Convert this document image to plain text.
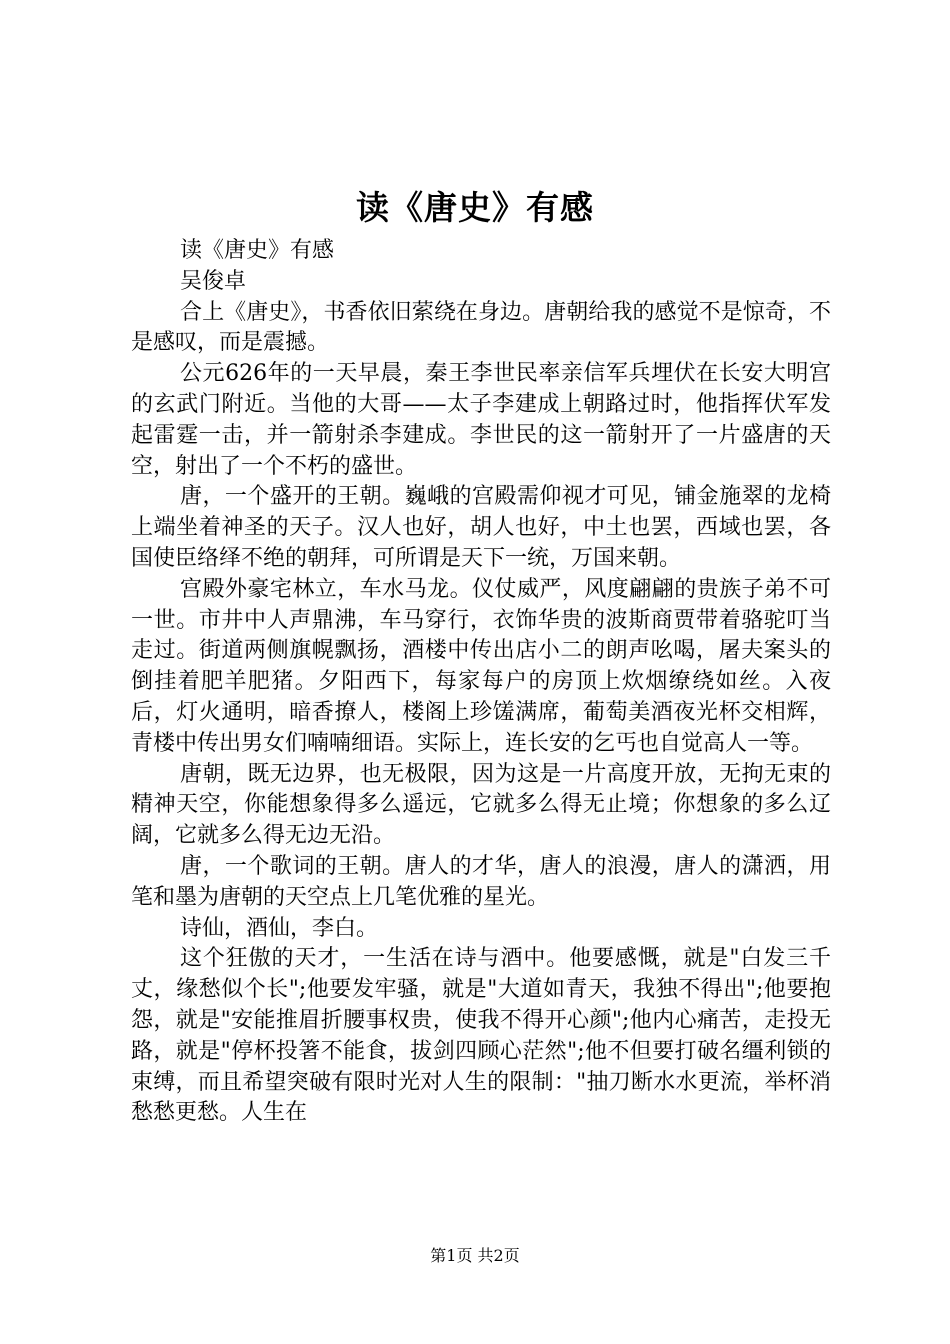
读《唐史》有感

读《唐史》有感

吴俊卓

合上《唐史》，书香依旧萦绕在身边。唐朝给我的感觉不是惊奇，不是感叹，而是震撼。

公元626年的一天早晨，秦王李世民率亲信军兵埋伏在长安大明宫的玄武门附近。当他的大哥——太子李建成上朝路过时，他指挥伏军发起雷霆一击，并一箭射杀李建成。李世民的这一箭射开了一片盛唐的天空，射出了一个不朽的盛世。

唐，一个盛开的王朝。巍峨的宫殿需仰视才可见，铺金施翠的龙椅上端坐着神圣的天子。汉人也好，胡人也好，中土也罢，西域也罢，各国使臣络绎不绝的朝拜，可所谓是天下一统，万国来朝。

宫殿外豪宅林立，车水马龙。仪仗威严，风度翩翩的贵族子弟不可一世。市井中人声鼎沸，车马穿行，衣饰华贵的波斯商贾带着骆驼叮当走过。街道两侧旗幌飘扬，酒楼中传出店小二的朗声吆喝，屠夫案头的倒挂着肥羊肥猪。夕阳西下，每家每户的房顶上炊烟缭绕如丝。入夜后，灯火通明，暗香撩人，楼阁上珍馐满席，葡萄美酒夜光杯交相辉，青楼中传出男女们喃喃细语。实际上，连长安的乞丐也自觉高人一等。

唐朝，既无边界，也无极限，因为这是一片高度开放，无拘无束的精神天空，你能想象得多么遥远，它就多么得无止境；你想象的多么辽阔，它就多么得无边无沿。

唐，一个歌词的王朝。唐人的才华，唐人的浪漫，唐人的潇洒，用笔和墨为唐朝的天空点上几笔优雅的星光。

诗仙，酒仙，李白。

这个狂傲的天才，一生活在诗与酒中。他要感慨，就是"白发三千丈，缘愁似个长";他要发牢骚，就是"大道如青天，我独不得出";他要抱怨，就是"安能推眉折腰事权贵，使我不得开心颜";他内心痛苦，走投无路，就是"停杯投箸不能食，拔剑四顾心茫然";他不但要打破名缰利锁的束缚，而且希望突破有限时光对人生的限制："抽刀断水水更流，举杯消愁愁更愁。人生在

第1页 共2页
